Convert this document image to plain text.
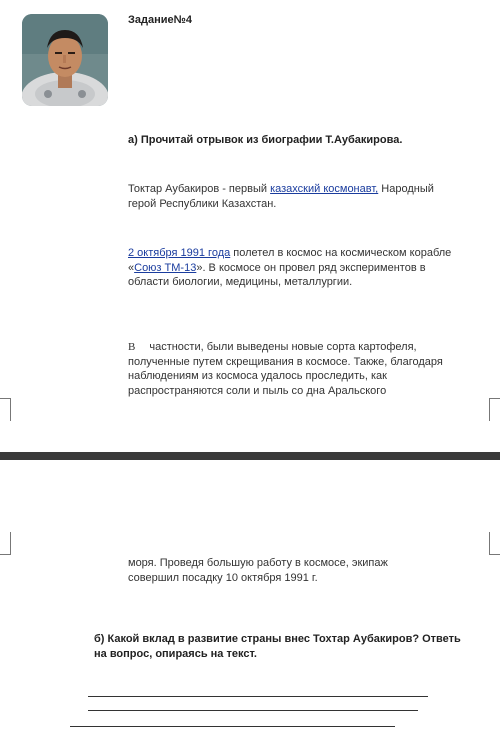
Задание№4
а) Прочитай отрывок из биографии Т.Аубакирова.
Токтар Аубакиров - первый казахский космонавт, Народный герой Республики Казахстан.
2 октября 1991 года полетел в космос на космическом корабле «Союз ТМ-13». В космосе он провел ряд экспериментов в области биологии, медицины, металлургии.
В частности, были выведены новые сорта картофеля, полученные путем скрещивания в космосе. Также, благодаря наблюдениям из космоса удалось проследить, как распространяются соли и пыль со дна Аральского
моря. Проведя большую работу в космосе, экипаж совершил посадку 10 октября 1991 г.
б) Какой вклад в развитие страны внес Тохтар Аубакиров? Ответь на вопрос, опираясь на текст.
